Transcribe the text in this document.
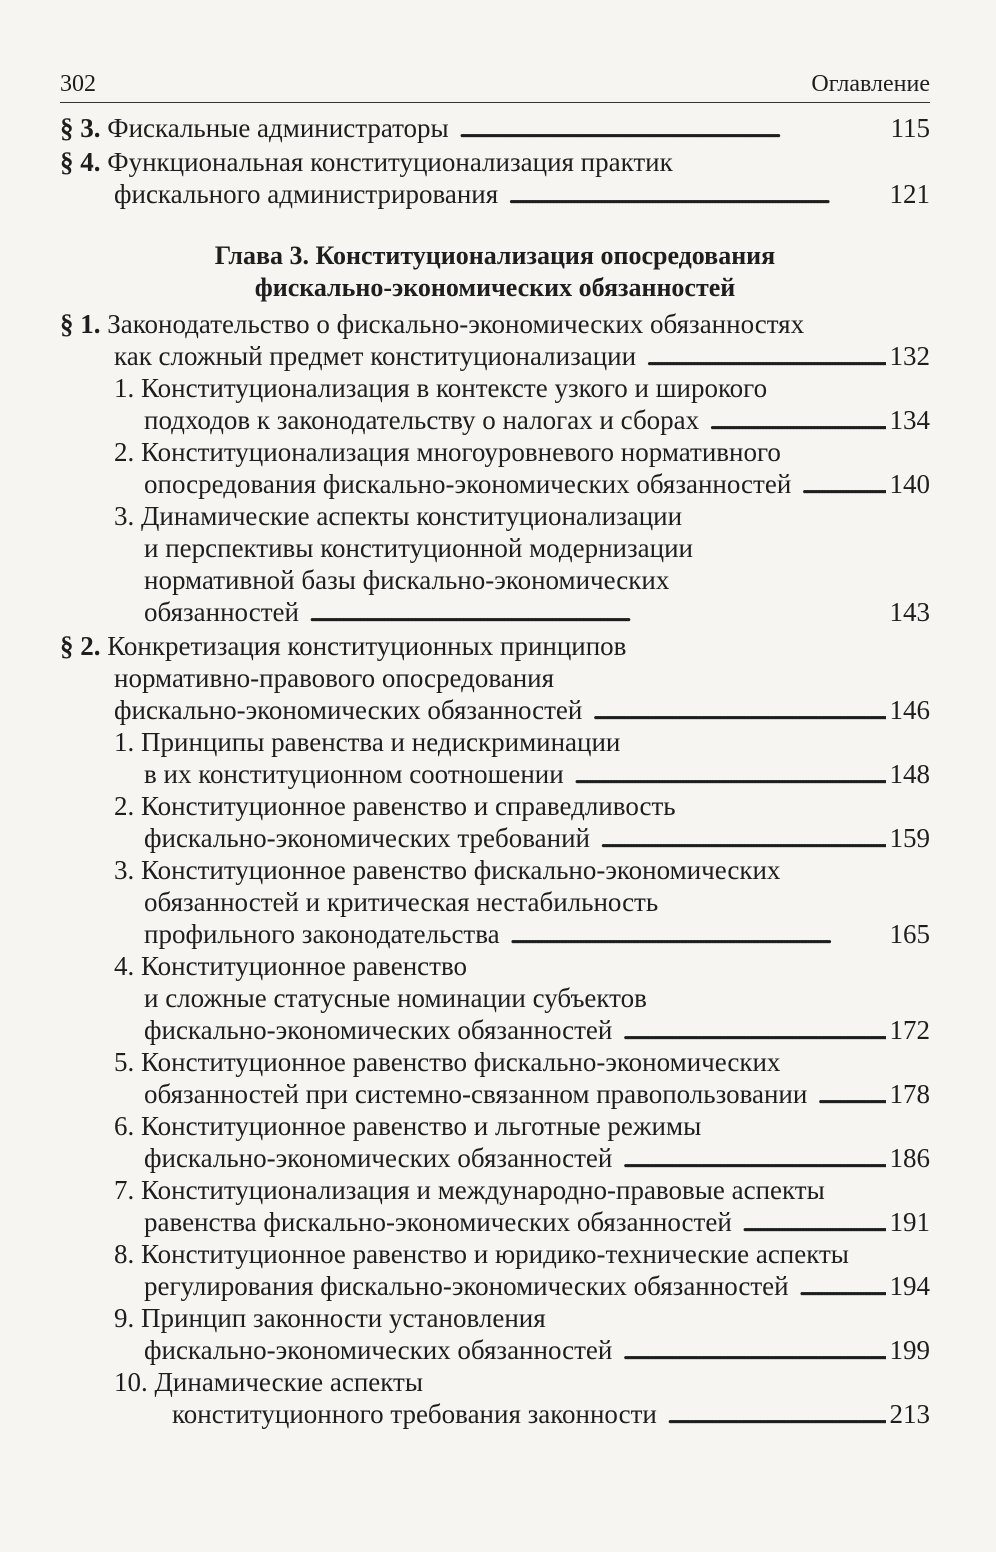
302	Оглавление
§ 3. Фискальные администраторы . . .	115
§ 4. Функциональная конституционализация практик
фискального администрирования . . .	121
Глава 3. Конституционализация опосредования
фискально-экономических обязанностей
§ 1. Законодательство о фискально-экономических обязанностях
как сложный предмет конституционализации . . .	132
1. Конституционализация в контексте узкого и широкого
подходов к законодательству о налогах и сборах . . .	134
2. Конституционализация многоуровневого нормативного
опосредования фискально-экономических обязанностей . . .	140
3. Динамические аспекты конституционализации
и перспективы конституционной модернизации
нормативной базы фискально-экономических
обязанностей . . .	143
§ 2. Конкретизация конституционных принципов
нормативно-правового опосредования
фискально-экономических обязанностей . . .	146
1. Принципы равенства и недискриминации
в их конституционном соотношении . . .	148
2. Конституционное равенство и справедливость
фискально-экономических требований . . .	159
3. Конституционное равенство фискально-экономических
обязанностей и критическая нестабильность
профильного законодательства . . .	165
4. Конституционное равенство
и сложные статусные номинации субъектов
фискально-экономических обязанностей . . .	172
5. Конституционное равенство фискально-экономических
обязанностей при системно-связанном правопользовании . . .	178
6. Конституционное равенство и льготные режимы
фискально-экономических обязанностей . . .	186
7. Конституционализация и международно-правовые аспекты
равенства фискально-экономических обязанностей . . .	191
8. Конституционное равенство и юридико-технические аспекты
регулирования фискально-экономических обязанностей . . .	194
9. Принцип законности установления
фискально-экономических обязанностей . . .	199
10. Динамические аспекты
конституционного требования законности . . .	213
